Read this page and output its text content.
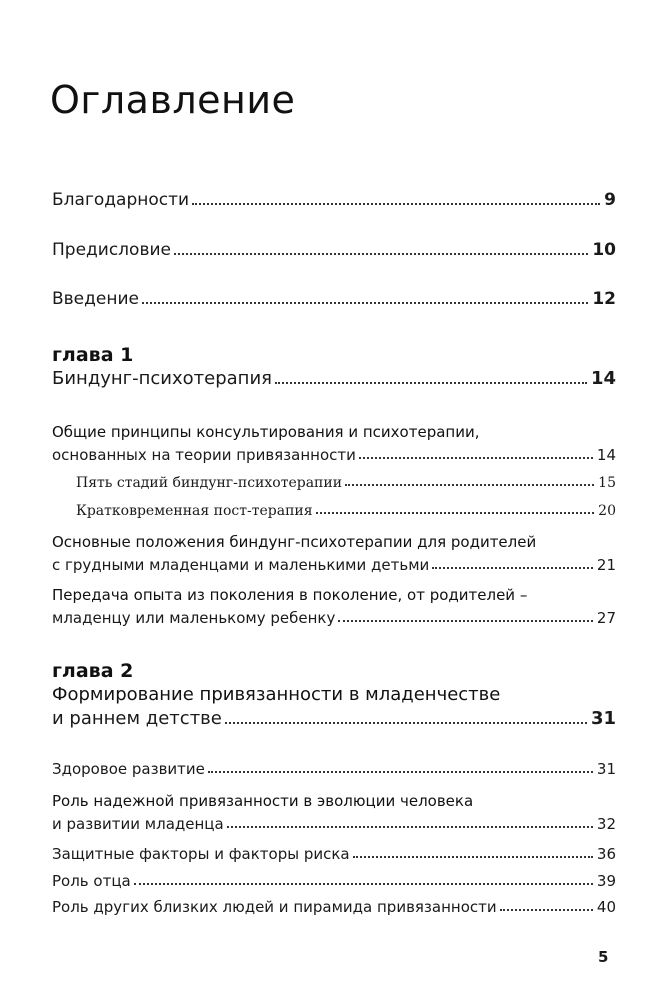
Оглавление
Благодарности	9
Предисловие	10
Введение	12
глава 1
Биндунг-психотерапия	14
Общие принципы консультирования и психотерапии,
основанных на теории привязанности	14
Пять стадий биндунг-психотерапии	15
Кратковременная пост-терапия	20
Основные положения биндунг-психотерапии для родителей
с грудными младенцами и маленькими детьми	21
Передача опыта из поколения в поколение, от родителей –
младенцу или маленькому ребенку	27
глава 2
Формирование привязанности в младенчестве
и раннем детстве	31
Здоровое развитие	31
Роль надежной привязанности в эволюции человека
и развитии младенца	32
Защитные факторы и факторы риска	36
Роль отца	39
Роль других близких людей и пирамида привязанности	40
5
